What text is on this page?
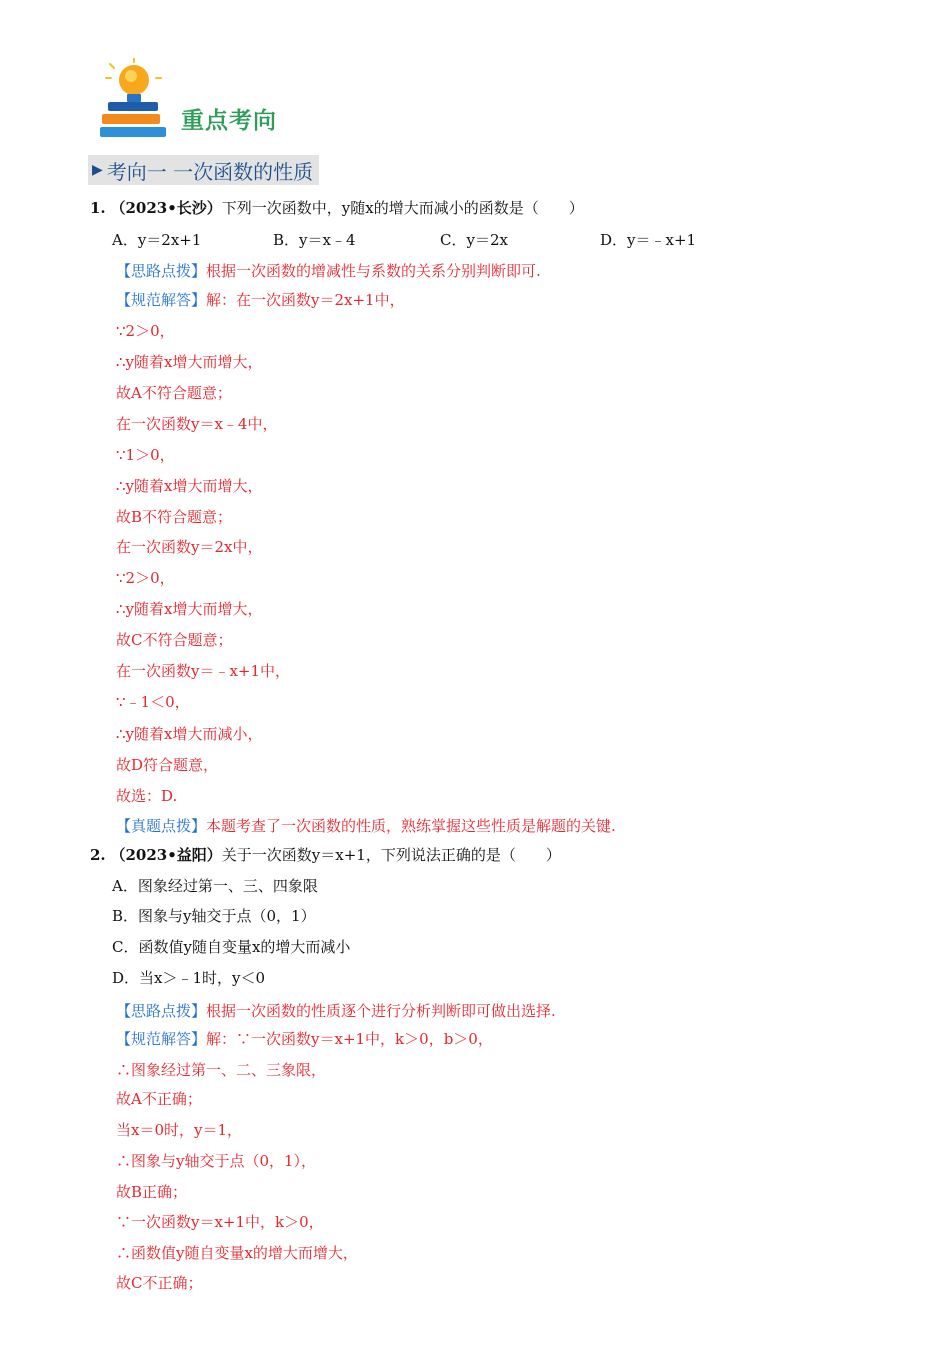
重点考向
▶ 考向一 一次函数的性质
1. （2023•长沙）下列一次函数中，y随x的增大而减小的函数是（　　）
A．y＝2x+1	B．y＝x﹣4	C．y＝2x	D．y＝﹣x+1
【思路点拨】根据一次函数的增减性与系数的关系分别判断即可.
【规范解答】解：在一次函数y＝2x+1中，
∵2＞0，
∴y随着x增大而增大，
故A不符合题意；
在一次函数y＝x﹣4中，
∵1＞0，
∴y随着x增大而增大，
故B不符合题意；
在一次函数y＝2x中，
∵2＞0，
∴y随着x增大而增大，
故C不符合题意；
在一次函数y＝﹣x+1中，
∵﹣1＜0，
∴y随着x增大而减小，
故D符合题意，
故选：D.
【真题点拨】本题考查了一次函数的性质，熟练掌握这些性质是解题的关键.
2. （2023•益阳）关于一次函数y＝x+1，下列说法正确的是（　　）
A．图象经过第一、三、四象限
B．图象与y轴交于点（0，1）
C．函数值y随自变量x的增大而减小
D．当x＞﹣1时，y＜0
【思路点拨】根据一次函数的性质逐个进行分析判断即可做出选择.
【规范解答】解：∵一次函数y＝x+1中，k＞0，b＞0，
∴图象经过第一、二、三象限，
故A不正确；
当x＝0时，y＝1，
∴图象与y轴交于点（0，1），
故B正确；
∵一次函数y＝x+1中，k＞0，
∴函数值y随自变量x的增大而增大，
故C不正确；
